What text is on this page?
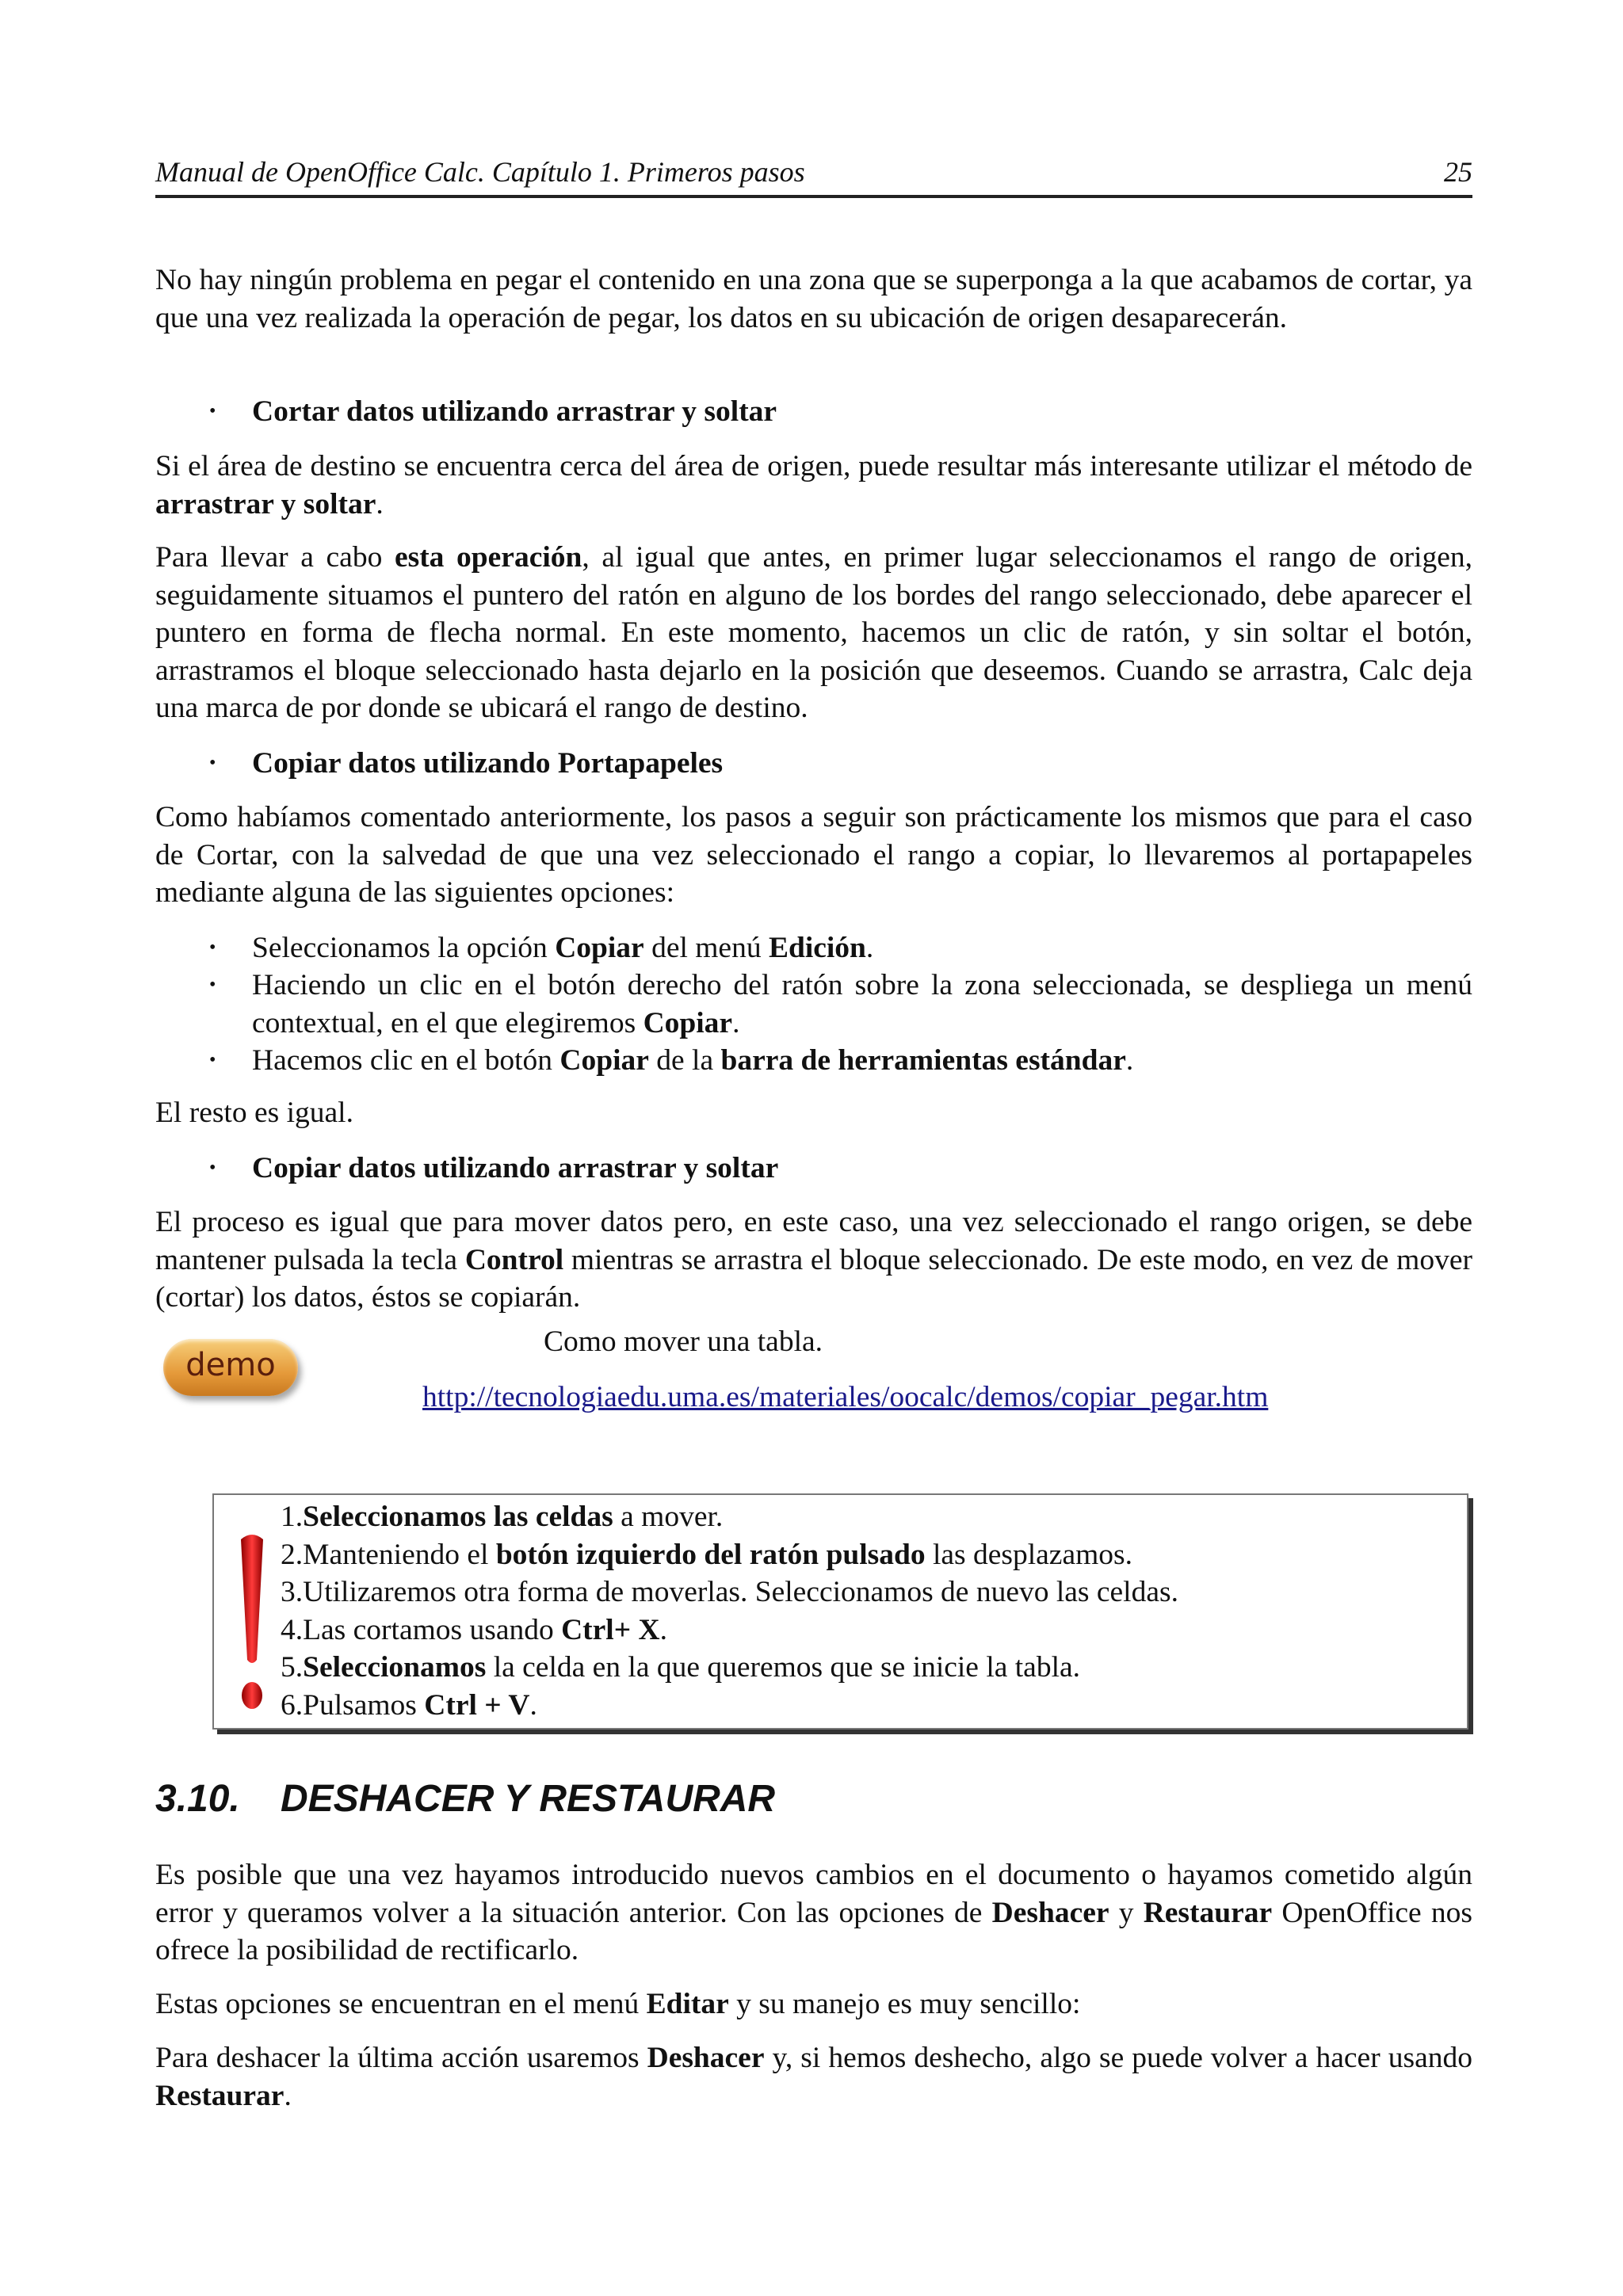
Manual de OpenOffice Calc. Capítulo 1. Primeros pasos	25

No hay ningún problema en pegar el contenido en una zona que se superponga a la que acabamos de cortar, ya que una vez realizada la operación de pegar, los datos en su ubicación de origen desaparecerán.

•	Cortar datos utilizando arrastrar y soltar

Si el área de destino se encuentra cerca del área de origen, puede resultar más interesante utilizar el método de arrastrar y soltar.

Para llevar a cabo esta operación, al igual que antes, en primer lugar seleccionamos el rango de origen, seguidamente situamos el puntero del ratón en alguno de los bordes del rango seleccionado, debe aparecer el puntero en forma de flecha normal. En este momento, hacemos un clic de ratón, y sin soltar el botón, arrastramos el bloque seleccionado hasta dejarlo en la posición que deseemos. Cuando se arrastra, Calc deja una marca de por donde se ubicará el rango de destino.

•	Copiar datos utilizando Portapapeles

Como habíamos comentado anteriormente, los pasos a seguir son prácticamente los mismos que para el caso de Cortar, con la salvedad de que una vez seleccionado el rango a copiar, lo llevaremos al portapapeles mediante alguna de las siguientes opciones:

•	Seleccionamos la opción Copiar del menú Edición.
•	Haciendo un clic en el botón derecho del ratón sobre la zona seleccionada, se despliega un menú contextual, en el que elegiremos Copiar.
•	Hacemos clic en el botón Copiar de la barra de herramientas estándar.

El resto es igual.

•	Copiar datos utilizando arrastrar y soltar

El proceso es igual que para mover datos pero, en este caso, una vez seleccionado el rango origen, se debe mantener pulsada la tecla Control mientras se arrastra el bloque seleccionado. De este modo, en vez de mover (cortar) los datos, éstos se copiarán.

demo
Como mover una tabla.
http://tecnologiaedu.uma.es/materiales/oocalc/demos/copiar_pegar.htm
1.Seleccionamos las celdas a mover.
2.Manteniendo el botón izquierdo del ratón pulsado las desplazamos.
3.Utilizaremos otra forma de moverlas. Seleccionamos de nuevo las celdas.
4.Las cortamos usando Ctrl+ X.
5.Seleccionamos la celda en la que queremos que se inicie la tabla.
6.Pulsamos Ctrl + V.
3.10. DESHACER Y RESTAURAR

Es posible que una vez hayamos introducido nuevos cambios en el documento o hayamos cometido algún error y queramos volver a la situación anterior. Con las opciones de Deshacer y Restaurar OpenOffice nos ofrece la posibilidad de rectificarlo.

Estas opciones se encuentran en el menú Editar y su manejo es muy sencillo:

Para deshacer la última acción usaremos Deshacer y, si hemos deshecho, algo se puede volver a hacer usando Restaurar.
